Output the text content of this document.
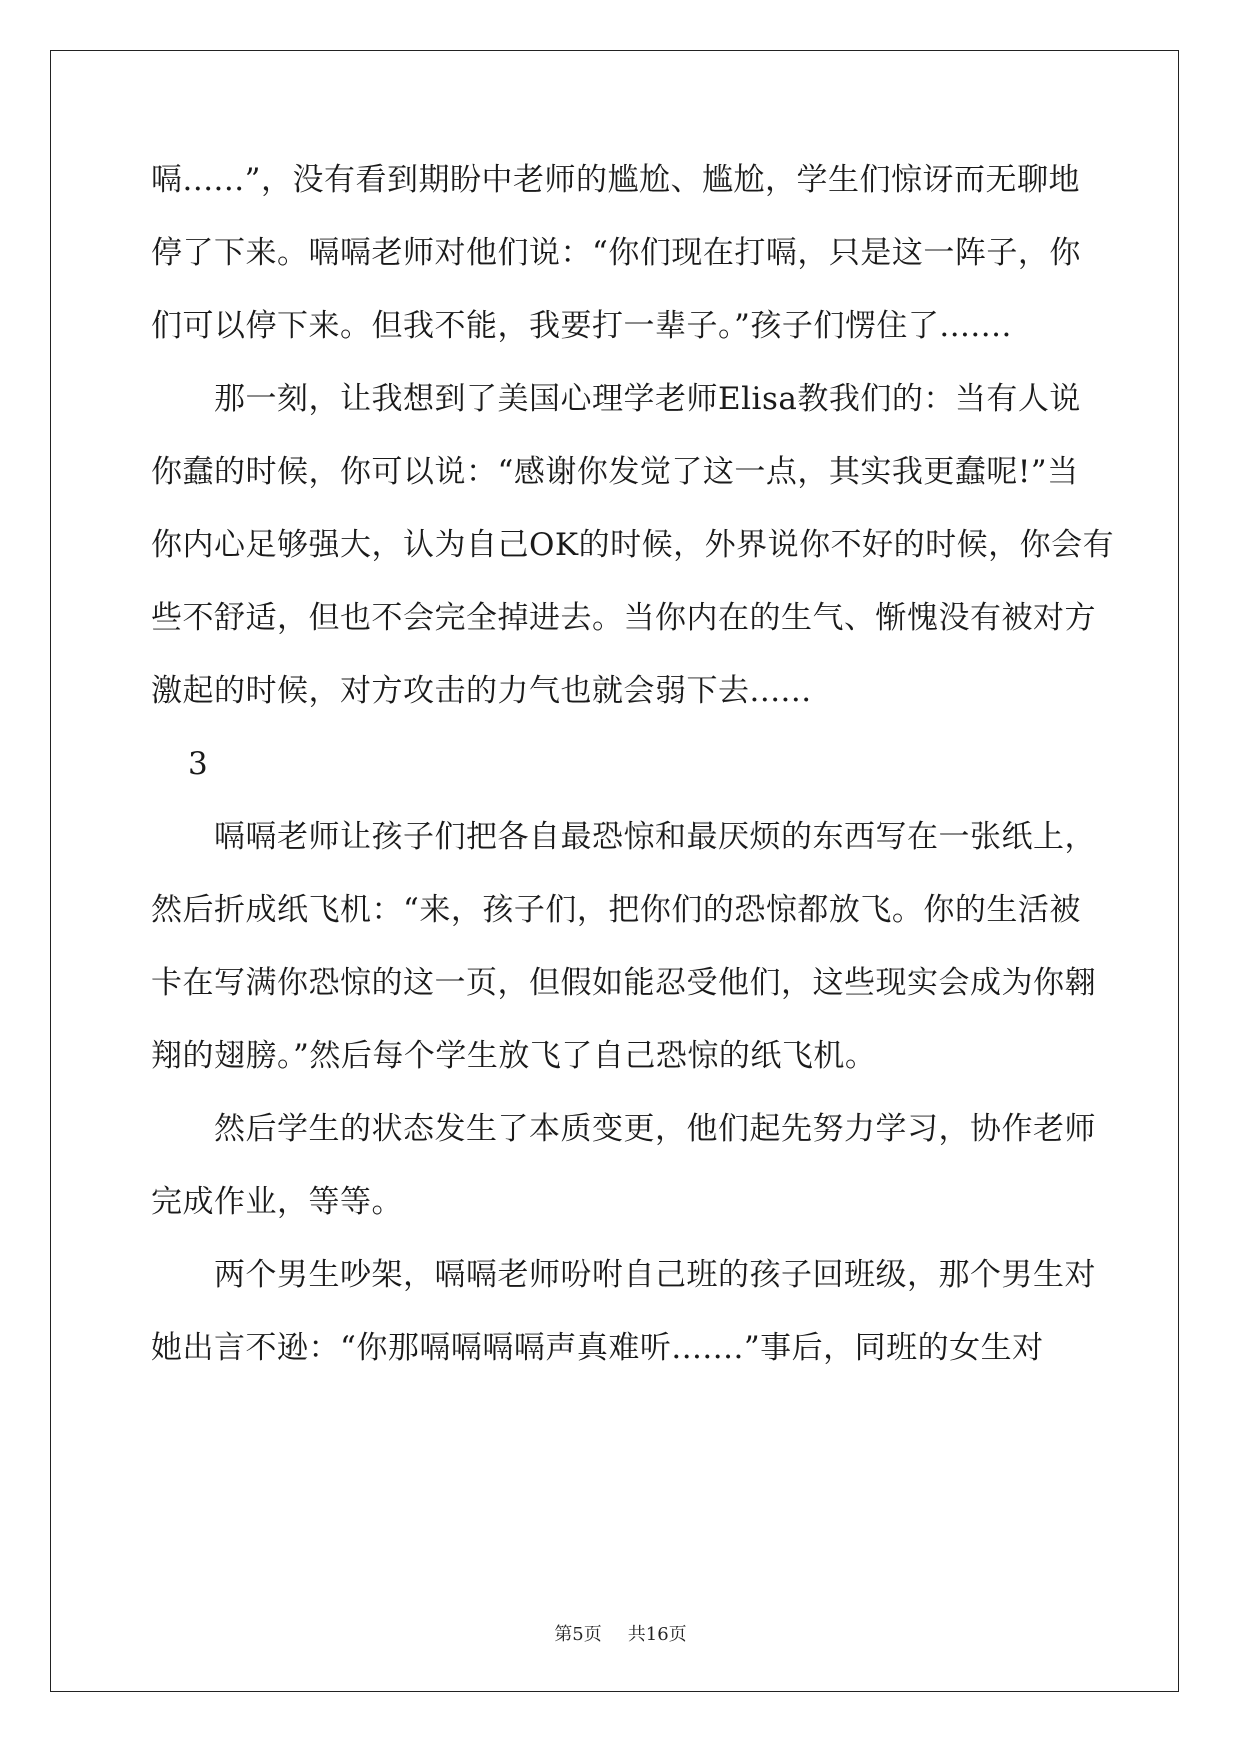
嗝......”，没有看到期盼中老师的尴尬、尴尬，学生们惊讶而无聊地
停了下来。嗝嗝老师对他们说：“你们现在打嗝，只是这一阵子，你
们可以停下来。但我不能，我要打一辈子。”孩子们愣住了.......
那一刻，让我想到了美国心理学老师Elisa教我们的：当有人说
你蠢的时候，你可以说：“感谢你发觉了这一点，其实我更蠢呢!”当
你内心足够强大，认为自己OK的时候，外界说你不好的时候，你会有
些不舒适，但也不会完全掉进去。当你内在的生气、惭愧没有被对方
激起的时候，对方攻击的力气也就会弱下去......
3
嗝嗝老师让孩子们把各自最恐惊和最厌烦的东西写在一张纸上，
然后折成纸飞机：“来，孩子们，把你们的恐惊都放飞。你的生活被
卡在写满你恐惊的这一页，但假如能忍受他们，这些现实会成为你翱
翔的翅膀。”然后每个学生放飞了自己恐惊的纸飞机。
然后学生的状态发生了本质变更，他们起先努力学习，协作老师
完成作业，等等。
两个男生吵架，嗝嗝老师吩咐自己班的孩子回班级，那个男生对
她出言不逊：“你那嗝嗝嗝嗝声真难听.......”事后，同班的女生对
第5页 共16页
